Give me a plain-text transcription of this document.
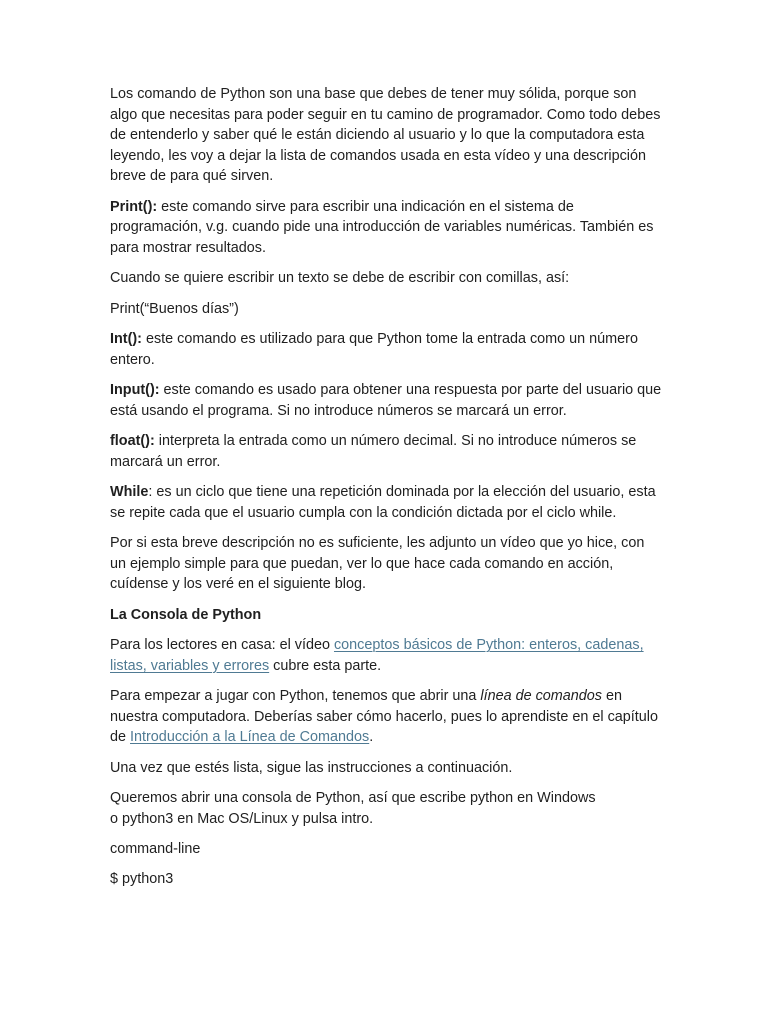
Los comando de Python son una base que debes de tener muy sólida, porque son algo que necesitas para poder seguir en tu camino de programador. Como todo debes de entenderlo y saber qué le están diciendo al usuario y lo que la computadora esta leyendo, les voy a dejar la lista de comandos usada en esta vídeo y una descripción breve de para qué sirven.

Print(): este comando sirve para escribir una indicación en el sistema de programación, v.g. cuando pide una introducción de variables numéricas. También es para mostrar resultados.

Cuando se quiere escribir un texto se debe de escribir con comillas, así:

Print(“Buenos días”)

Int(): este comando es utilizado para que Python tome la entrada como un número entero.

Input(): este comando es usado para obtener una respuesta por parte del usuario que está usando el programa. Si no introduce números se marcará un error.

float(): interpreta la entrada como un número decimal. Si no introduce números se marcará un error.

While: es un ciclo que tiene una repetición dominada por la elección del usuario, esta se repite cada que el usuario cumpla con la condición dictada por el ciclo while.

Por si esta breve descripción no es suficiente, les adjunto un vídeo que yo hice, con un ejemplo simple para que puedan, ver lo que hace cada comando en acción, cuídense y los veré en el siguiente blog.

La Consola de Python

Para los lectores en casa: el vídeo conceptos básicos de Python: enteros, cadenas, listas, variables y errores cubre esta parte.

Para empezar a jugar con Python, tenemos que abrir una línea de comandos en nuestra computadora. Deberías saber cómo hacerlo, pues lo aprendiste en el capítulo de Introducción a la Línea de Comandos.

Una vez que estés lista, sigue las instrucciones a continuación.

Queremos abrir una consola de Python, así que escribe python en Windows
o python3 en Mac OS/Linux y pulsa intro.

command-line

$ python3
